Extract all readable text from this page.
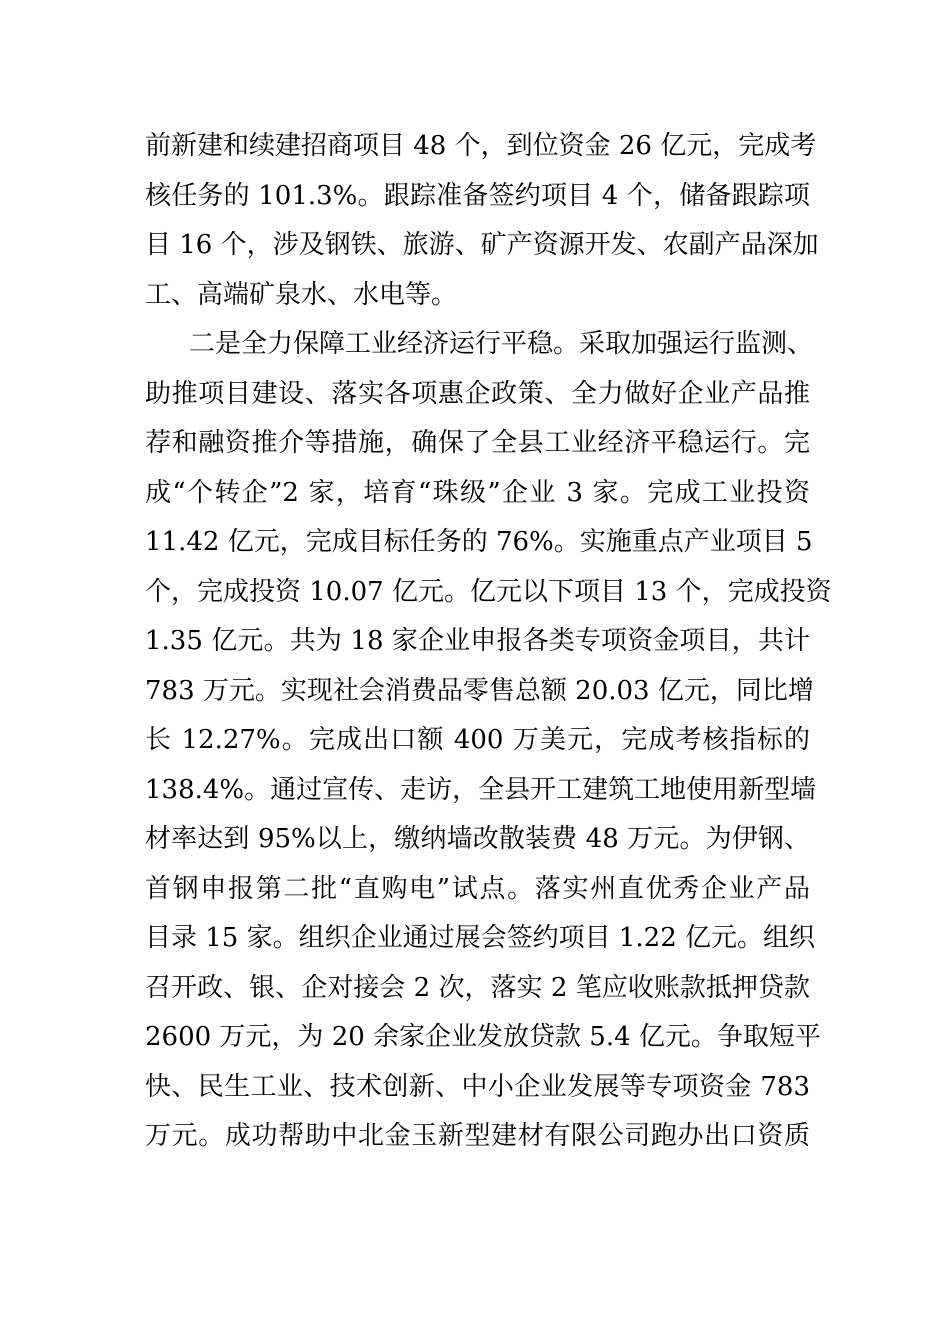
前新建和续建招商项目 48 个，到位资金 26 亿元，完成考
核任务的 101.3%。跟踪准备签约项目 4 个，储备跟踪项
目 16 个，涉及钢铁、旅游、矿产资源开发、农副产品深加
工、高端矿泉水、水电等。
二是全力保障工业经济运行平稳。采取加强运行监测、
助推项目建设、落实各项惠企政策、全力做好企业产品推
荐和融资推介等措施，确保了全县工业经济平稳运行。完
成“个转企”2 家，培育“珠级”企业 3 家。完成工业投资
11.42 亿元，完成目标任务的 76%。实施重点产业项目 5
个，完成投资 10.07 亿元。亿元以下项目 13 个，完成投资
1.35 亿元。共为 18 家企业申报各类专项资金项目，共计
783 万元。实现社会消费品零售总额 20.03 亿元，同比增
长 12.27%。完成出口额 400 万美元，完成考核指标的
138.4%。通过宣传、走访，全县开工建筑工地使用新型墙
材率达到 95%以上，缴纳墙改散装费 48 万元。为伊钢、
首钢申报第二批“直购电”试点。落实州直优秀企业产品
目录 15 家。组织企业通过展会签约项目 1.22 亿元。组织
召开政、银、企对接会 2 次，落实 2 笔应收账款抵押贷款
2600 万元，为 20 余家企业发放贷款 5.4 亿元。争取短平
快、民生工业、技术创新、中小企业发展等专项资金 783
万元。成功帮助中北金玉新型建材有限公司跑办出口资质
